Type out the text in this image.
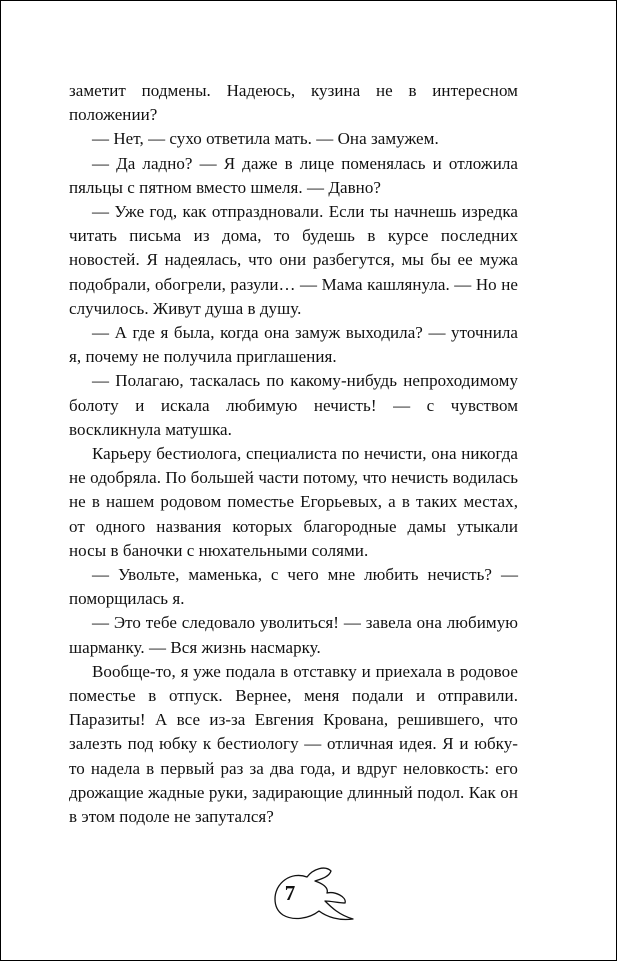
заметит подмены. Надеюсь, кузина не в интересном положении?

— Нет, — сухо ответила мать. — Она замужем.

— Да ладно? — Я даже в лице поменялась и отложила пяльцы с пятном вместо шмеля. — Давно?

— Уже год, как отпраздновали. Если ты начнешь изредка читать письма из дома, то будешь в курсе последних новостей. Я надеялась, что они разбегутся, мы бы ее мужа подобрали, обогрели, разули… — Мама кашлянула. — Но не случилось. Живут душа в душу.

— А где я была, когда она замуж выходила? — уточнила я, почему не получила приглашения.

— Полагаю, таскалась по какому-нибудь непроходимому болоту и искала любимую нечисть! — с чувством воскликнула матушка.

Карьеру бестиолога, специалиста по нечисти, она никогда не одобряла. По большей части потому, что нечисть водилась не в нашем родовом поместье Егорьевых, а в таких местах, от одного названия которых благородные дамы утыкали носы в баночки с нюхательными солями.

— Увольте, маменька, с чего мне любить нечисть? — поморщилась я.

— Это тебе следовало уволиться! — завела она любимую шарманку. — Вся жизнь насмарку.

Вообще-то, я уже подала в отставку и приехала в родовое поместье в отпуск. Вернее, меня подали и отправили. Паразиты! А все из-за Евгения Крована, решившего, что залезть под юбку к бестиологу — отличная идея. Я и юбку-то надела в первый раз за два года, и вдруг неловкость: его дрожащие жадные руки, задирающие длинный подол. Как он в этом подоле не запутался?

7
